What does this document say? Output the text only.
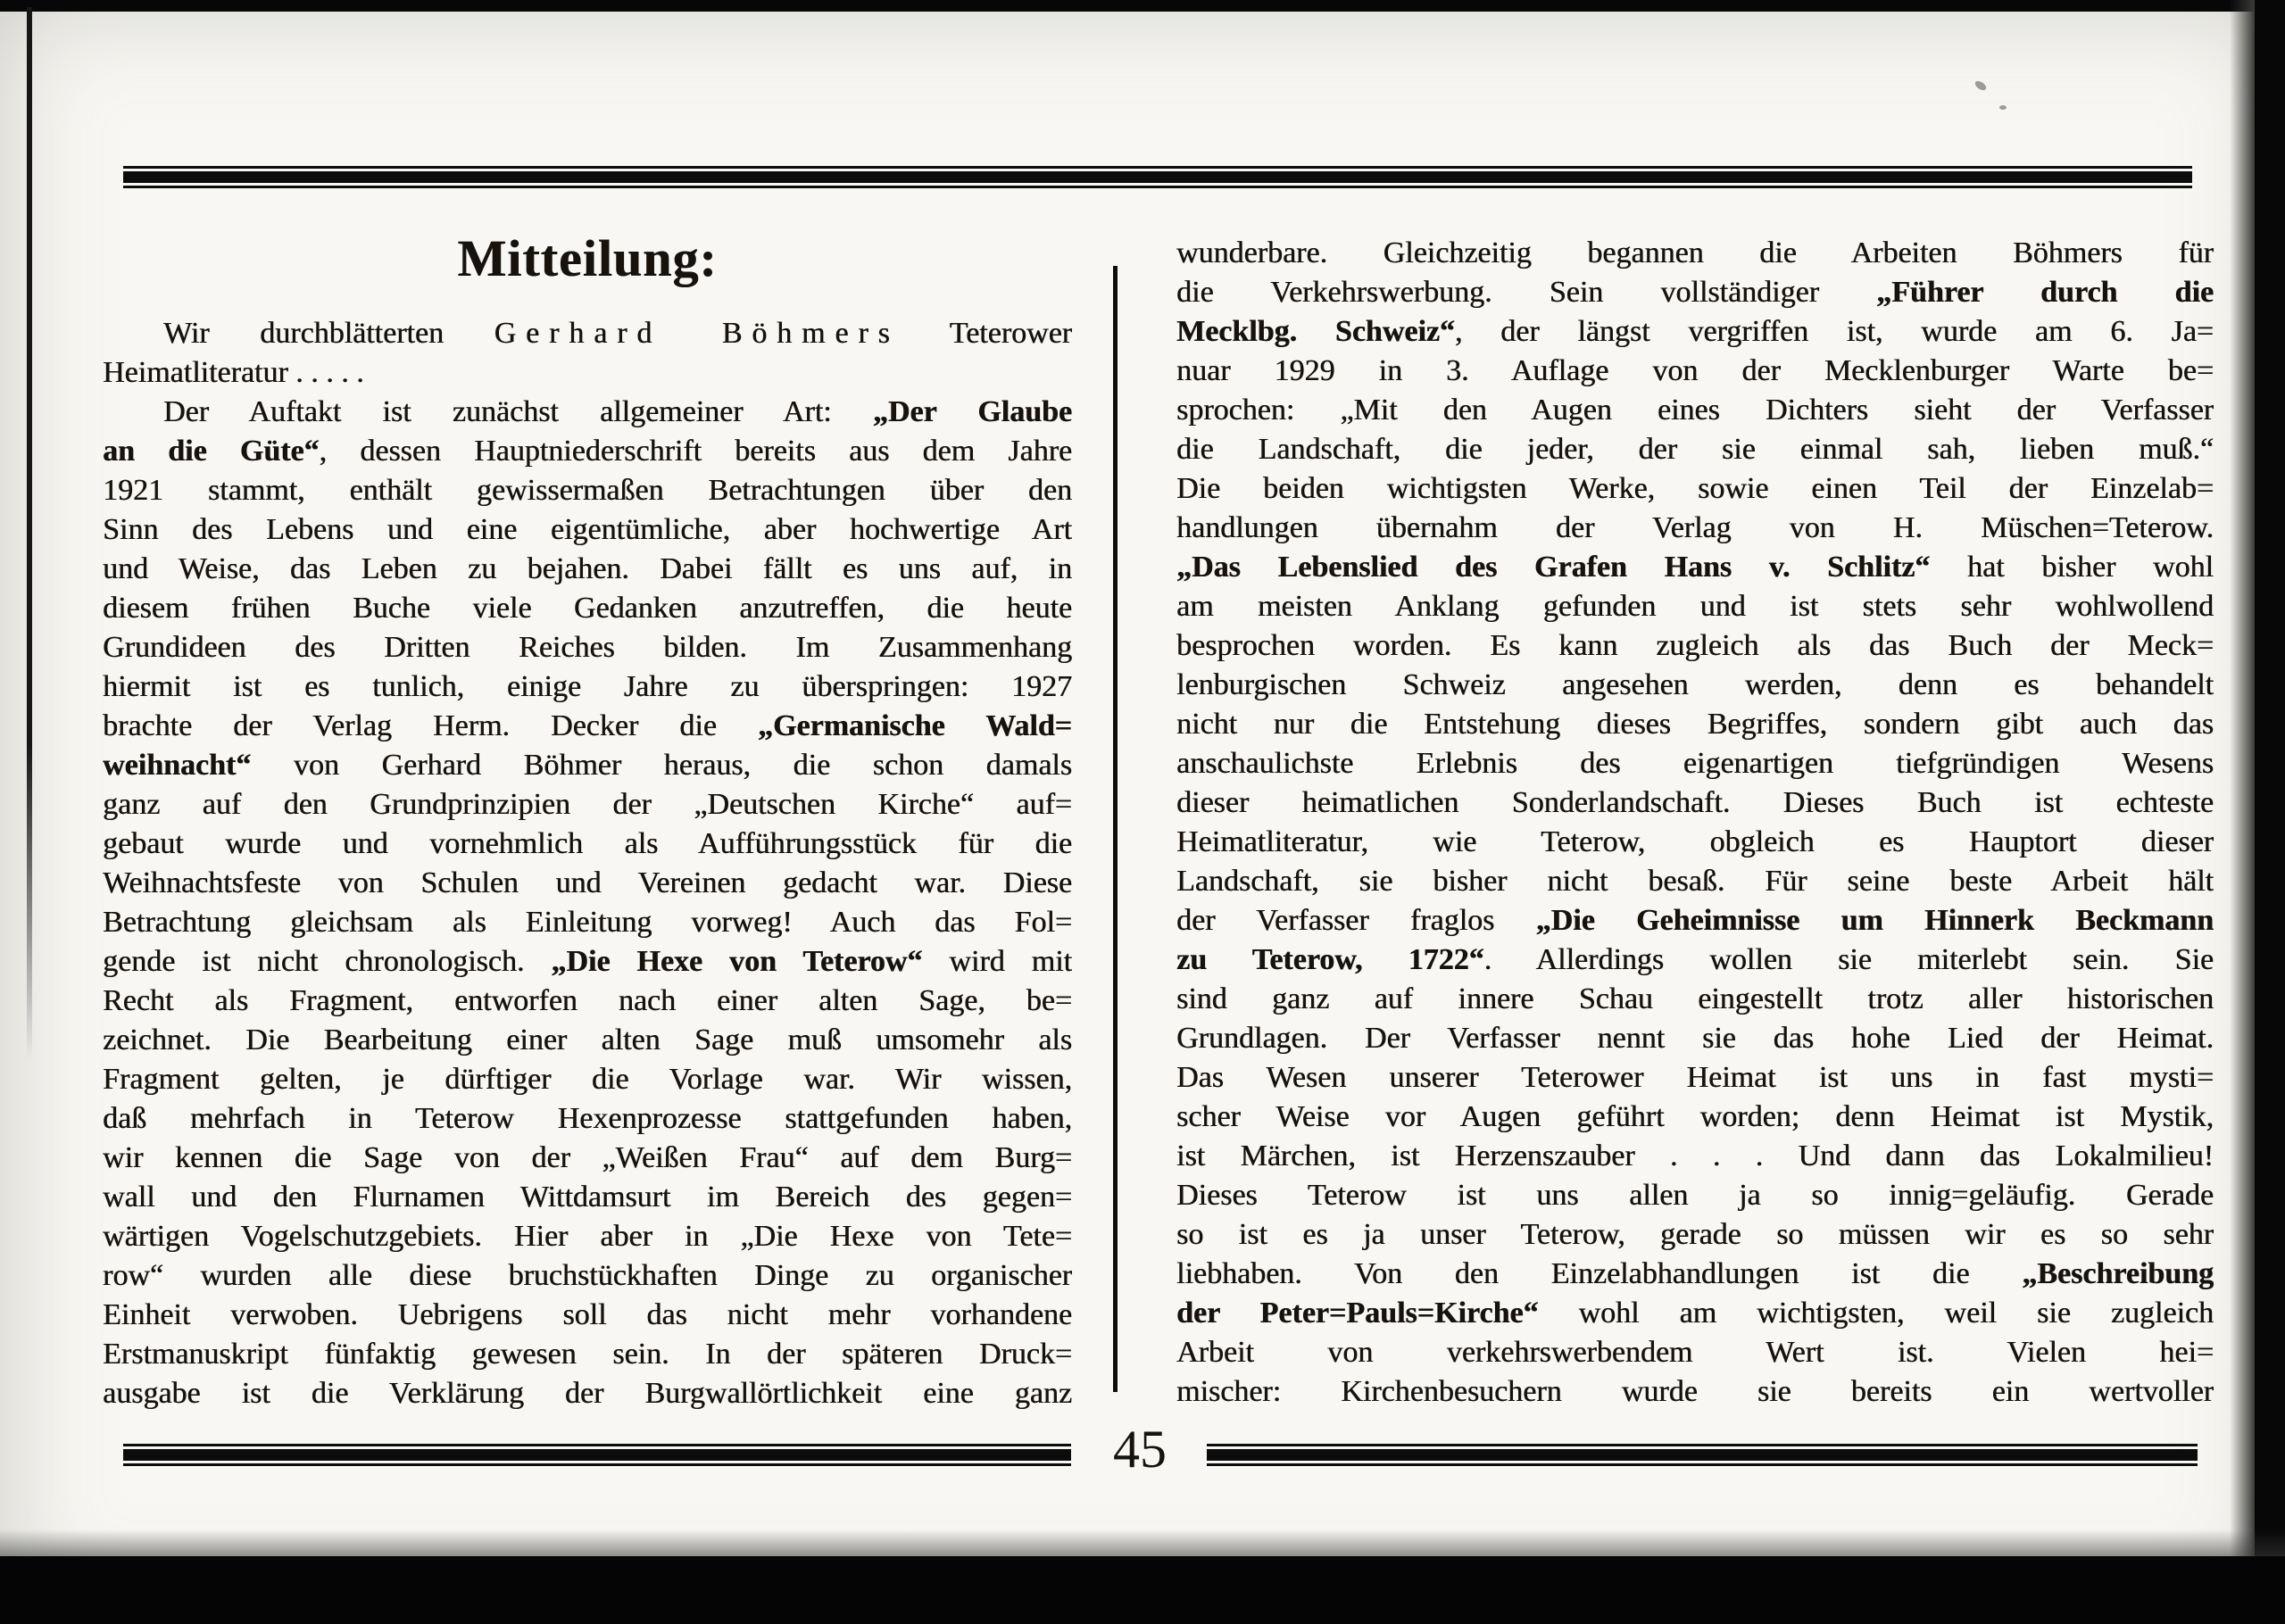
Mitteilung:
Wir durchblätterten Gerhard Böhmers Teterower
Heimatliteratur . . . . .
Der Auftakt ist zunächst allgemeiner Art: „Der Glaube
an die Güte“, dessen Hauptniederschrift bereits aus dem Jahre
1921 stammt, enthält gewissermaßen Betrachtungen über den
Sinn des Lebens und eine eigentümliche, aber hochwertige Art
und Weise, das Leben zu bejahen. Dabei fällt es uns auf, in
diesem frühen Buche viele Gedanken anzutreffen, die heute
Grundideen des Dritten Reiches bilden. Im Zusammenhang
hiermit ist es tunlich, einige Jahre zu überspringen: 1927
brachte der Verlag Herm. Decker die „Germanische Wald=
weihnacht“ von Gerhard Böhmer heraus, die schon damals
ganz auf den Grundprinzipien der „Deutschen Kirche“ auf=
gebaut wurde und vornehmlich als Aufführungsstück für die
Weihnachtsfeste von Schulen und Vereinen gedacht war. Diese
Betrachtung gleichsam als Einleitung vorweg! Auch das Fol=
gende ist nicht chronologisch. „Die Hexe von Teterow“ wird mit
Recht als Fragment, entworfen nach einer alten Sage, be=
zeichnet. Die Bearbeitung einer alten Sage muß umsomehr als
Fragment gelten, je dürftiger die Vorlage war. Wir wissen,
daß mehrfach in Teterow Hexenprozesse stattgefunden haben,
wir kennen die Sage von der „Weißen Frau“ auf dem Burg=
wall und den Flurnamen Wittdamsurt im Bereich des gegen=
wärtigen Vogelschutzgebiets. Hier aber in „Die Hexe von Tete=
row“ wurden alle diese bruchstückhaften Dinge zu organischer
Einheit verwoben. Uebrigens soll das nicht mehr vorhandene
Erstmanuskript fünfaktig gewesen sein. In der späteren Druck=
ausgabe ist die Verklärung der Burgwallörtlichkeit eine ganz
wunderbare. Gleichzeitig begannen die Arbeiten Böhmers für
die Verkehrswerbung. Sein vollständiger „Führer durch die
Mecklbg. Schweiz“, der längst vergriffen ist, wurde am 6. Ja=
nuar 1929 in 3. Auflage von der Mecklenburger Warte be=
sprochen: „Mit den Augen eines Dichters sieht der Verfasser
die Landschaft, die jeder, der sie einmal sah, lieben muß.“
Die beiden wichtigsten Werke, sowie einen Teil der Einzelab=
handlungen übernahm der Verlag von H. Müschen=Teterow.
„Das Lebenslied des Grafen Hans v. Schlitz“ hat bisher wohl
am meisten Anklang gefunden und ist stets sehr wohlwollend
besprochen worden. Es kann zugleich als das Buch der Meck=
lenburgischen Schweiz angesehen werden, denn es behandelt
nicht nur die Entstehung dieses Begriffes, sondern gibt auch das
anschaulichste Erlebnis des eigenartigen tiefgründigen Wesens
dieser heimatlichen Sonderlandschaft. Dieses Buch ist echteste
Heimatliteratur, wie Teterow, obgleich es Hauptort dieser
Landschaft, sie bisher nicht besaß. Für seine beste Arbeit hält
der Verfasser fraglos „Die Geheimnisse um Hinnerk Beckmann
zu Teterow, 1722“. Allerdings wollen sie miterlebt sein. Sie
sind ganz auf innere Schau eingestellt trotz aller historischen
Grundlagen. Der Verfasser nennt sie das hohe Lied der Heimat.
Das Wesen unserer Teterower Heimat ist uns in fast mysti=
scher Weise vor Augen geführt worden; denn Heimat ist Mystik,
ist Märchen, ist Herzenszauber . . . Und dann das Lokalmilieu!
Dieses Teterow ist uns allen ja so innig=geläufig. Gerade
so ist es ja unser Teterow, gerade so müssen wir es so sehr
liebhaben. Von den Einzelabhandlungen ist die „Beschreibung
der Peter=Pauls=Kirche“ wohl am wichtigsten, weil sie zugleich
Arbeit von verkehrswerbendem Wert ist. Vielen hei=
mischer: Kirchenbesuchern wurde sie bereits ein wertvoller
45
